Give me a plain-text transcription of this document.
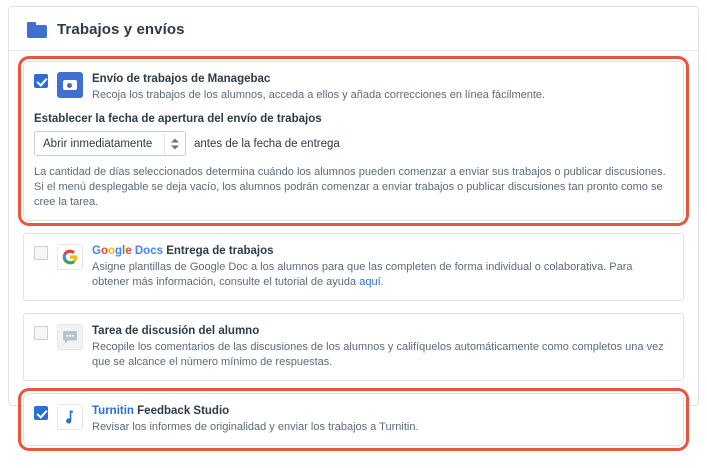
Trabajos y envíos
Envío de trabajos de Managebac
Recoja los trabajos de los alumnos, acceda a ellos y añada correcciones en línea fácilmente.
Establecer la fecha de apertura del envío de trabajos
Abrir inmediatamente	antes de la fecha de entrega
La cantidad de días seleccionados determina cuándo los alumnos pueden comenzar a enviar sus trabajos o publicar discusiones. Si el menú desplegable se deja vacío, los alumnos podrán comenzar a enviar trabajos o publicar discusiones tan pronto como se cree la tarea.
Google Docs Entrega de trabajos
Asigne plantillas de Google Doc a los alumnos para que las completen de forma individual o colaborativa. Para obtener más información, consulte el tutorial de ayuda aquí.
Tarea de discusión del alumno
Recopile los comentarios de las discusiones de los alumnos y califíquelos automáticamente como completos una vez que se alcance el número mínimo de respuestas.
Turnitin Feedback Studio
Revisar los informes de originalidad y enviar los trabajos a Turnitin.
